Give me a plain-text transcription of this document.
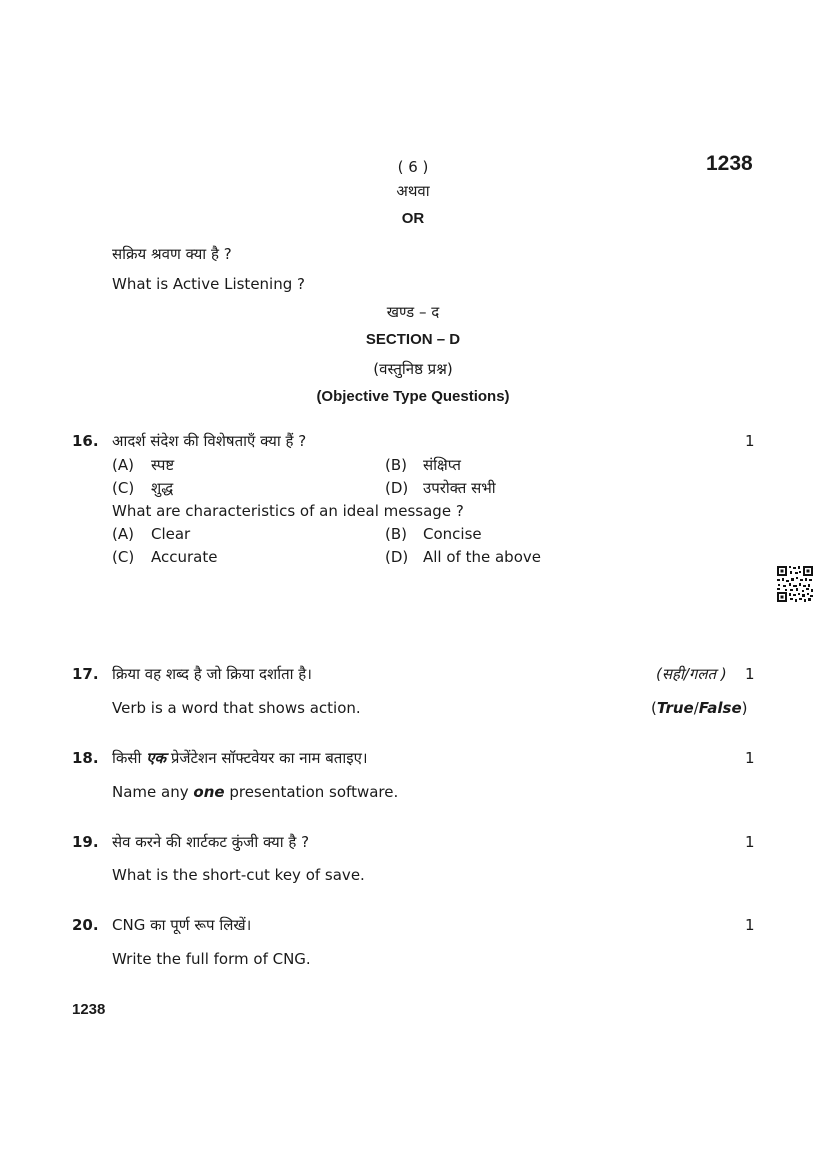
( 6 )	1238
अथवा
OR
सक्रिय श्रवण क्या है ?
What is Active Listening ?
खण्ड – द
SECTION – D
(वस्तुनिष्ठ प्रश्न)
(Objective Type Questions)
16. आदर्श संदेश की विशेषताएँ क्या हैं ?	1
(A) स्पष्ट	(B) संक्षिप्त
(C) शुद्ध	(D) उपरोक्त सभी
What are characteristics of an ideal message ?
(A) Clear	(B) Concise
(C) Accurate	(D) All of the above
17. क्रिया वह शब्द है जो क्रिया दर्शाता है।	(सही/गलत ) 1
Verb is a word that shows action.	(True/False)
18. किसी एक प्रेजेंटेशन सॉफ्टवेयर का नाम बताइए।	1
Name any one presentation software.
19. सेव करने की शार्टकट कुंजी क्या है ?	1
What is the short-cut key of save.
20. CNG का पूर्ण रूप लिखें।	1
Write the full form of CNG.
1238
